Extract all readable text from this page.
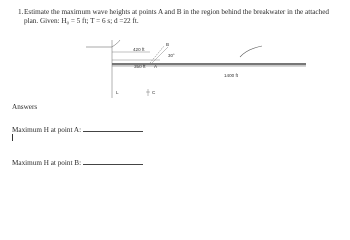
1. Estimate the maximum wave heights at points A and B in the region behind the breakwater in the attached plan. Given: H₀ = 5 ft; T = 6 s; d =22 ft.
420 ft
350 ft A
B
30°
1400 ft
L	C
Answers
Maximum H at point A:
Maximum H at point B:
